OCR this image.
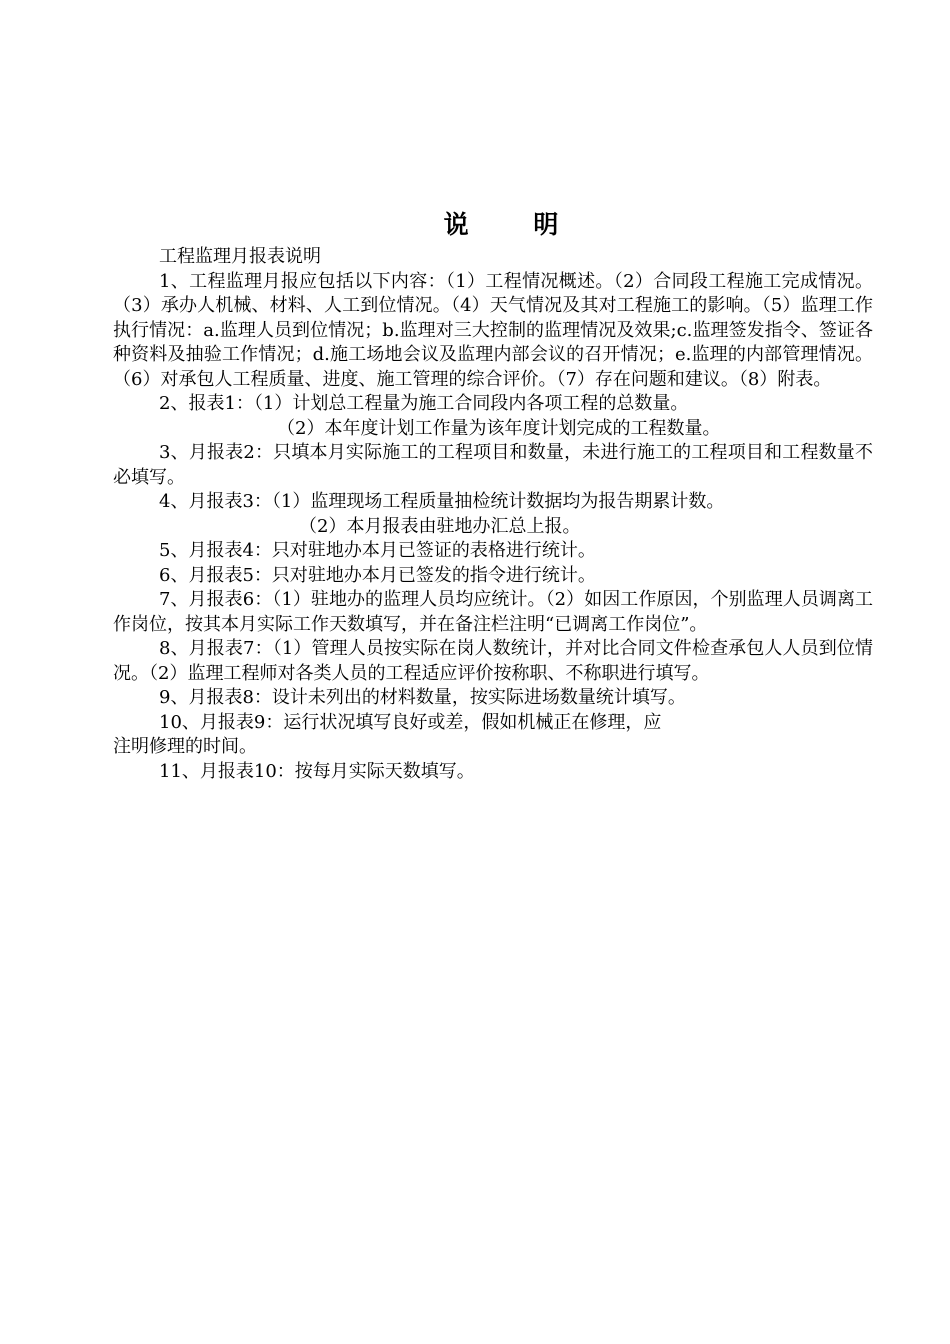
说 明

工程监理月报表说明

1、工程监理月报应包括以下内容：（1）工程情况概述。（2）合同段工程施工完成情况。（3）承办人机械、材料、人工到位情况。（4）天气情况及其对工程施工的影响。（5）监理工作执行情况：a.监理人员到位情况；b.监理对三大控制的监理情况及效果;c.监理签发指令、签证各种资料及抽验工作情况；d.施工场地会议及监理内部会议的召开情况；e.监理的内部管理情况。（6）对承包人工程质量、进度、施工管理的综合评价。（7）存在问题和建议。（8）附表。

2、报表1：（1）计划总工程量为施工合同段内各项工程的总数量。

（2）本年度计划工作量为该年度计划完成的工程数量。

3、月报表2：只填本月实际施工的工程项目和数量，未进行施工的工程项目和工程数量不必填写。

4、月报表3：（1）监理现场工程质量抽检统计数据均为报告期累计数。

（2）本月报表由驻地办汇总上报。

5、月报表4：只对驻地办本月已签证的表格进行统计。

6、月报表5：只对驻地办本月已签发的指令进行统计。

7、月报表6：（1）驻地办的监理人员均应统计。（2）如因工作原因，个别监理人员调离工作岗位，按其本月实际工作天数填写，并在备注栏注明“已调离工作岗位”。

8、月报表7：（1）管理人员按实际在岗人数统计，并对比合同文件检查承包人人员到位情况。（2）监理工程师对各类人员的工程适应评价按称职、不称职进行填写。

9、月报表8：设计未列出的材料数量，按实际进场数量统计填写。

10、月报表9：运行状况填写良好或差，假如机械正在修理，应

注明修理的时间。

11、月报表10：按每月实际天数填写。
